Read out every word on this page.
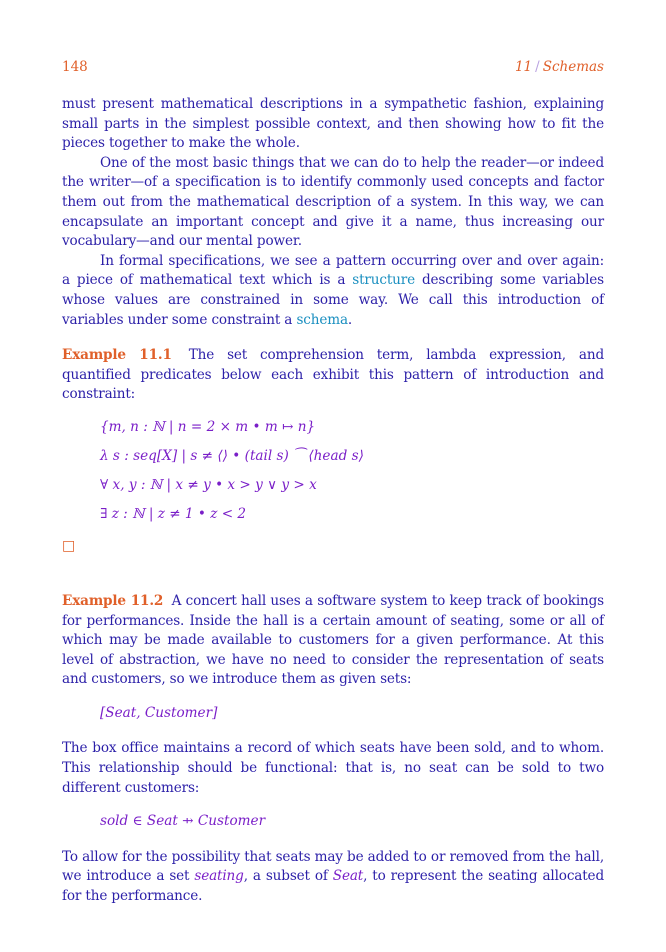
148	11 / Schemas

must present mathematical descriptions in a sympathetic fashion, explaining small parts in the simplest possible context, and then showing how to fit the pieces together to make the whole.

One of the most basic things that we can do to help the reader—or indeed the writer—of a specification is to identify commonly used concepts and factor them out from the mathematical description of a system. In this way, we can encapsulate an important concept and give it a name, thus increasing our vocabulary—and our mental power.

In formal specifications, we see a pattern occurring over and over again: a piece of mathematical text which is a structure describing some variables whose values are constrained in some way. We call this introduction of variables under some constraint a schema.

Example 11.1 The set comprehension term, lambda expression, and quantified predicates below each exhibit this pattern of introduction and constraint:

{m, n : ℕ | n = 2 × m • m ↦ n}
λ s : seq[X] | s ≠ ⟨⟩ • (tail s) ⁀ ⟨head s⟩
∀ x, y : ℕ | x ≠ y • x > y ∨ y > x
∃ z : ℕ | z ≠ 1 • z < 2
□

Example 11.2 A concert hall uses a software system to keep track of bookings for performances. Inside the hall is a certain amount of seating, some or all of which may be made available to customers for a given performance. At this level of abstraction, we have no need to consider the representation of seats and customers, so we introduce them as given sets:

[Seat, Customer]

The box office maintains a record of which seats have been sold, and to whom. This relationship should be functional: that is, no seat can be sold to two different customers:

sold ∈ Seat ⇸ Customer

To allow for the possibility that seats may be added to or removed from the hall, we introduce a set seating, a subset of Seat, to represent the seating allocated for the performance.
